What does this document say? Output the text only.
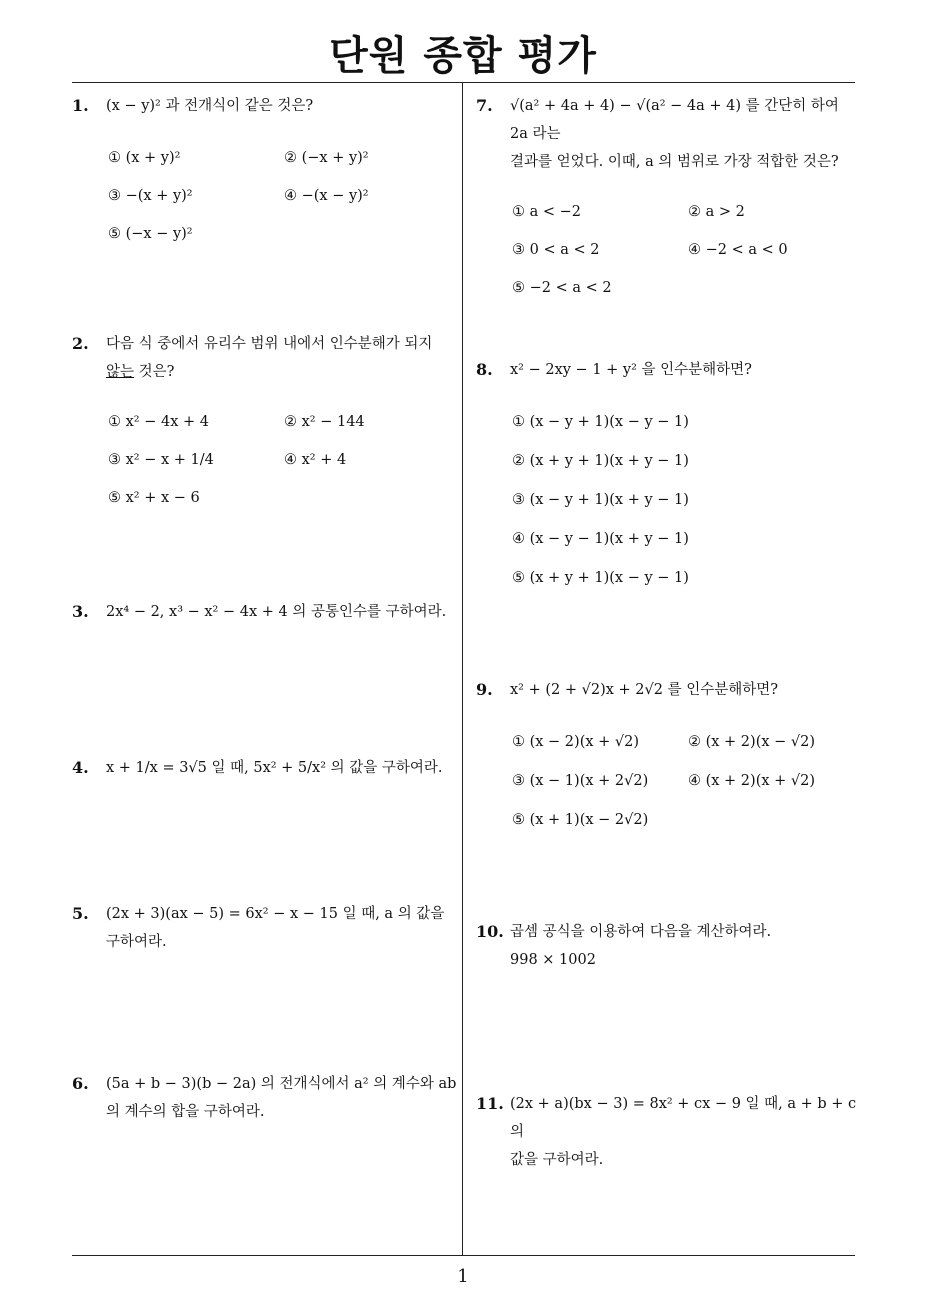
단원 종합 평가
1
1. (x − y)² 과 전개식이 같은 것은?
① (x + y)²	② (−x + y)²
③ −(x + y)²	④ −(x − y)²
⑤ (−x − y)²
2. 다음 식 중에서 유리수 범위 내에서 인수분해가 되지
않는 것은?
① x² − 4x + 4	② x² − 144
③ x² − x + 1/4	④ x² + 4
⑤ x² + x − 6
3. 2x⁴ − 2, x³ − x² − 4x + 4 의 공통인수를 구하여라.
4. x + 1/x = 3√5 일 때, 5x² + 5/x² 의 값을 구하여라.
5. (2x + 3)(ax − 5) = 6x² − x − 15 일 때, a 의 값을
구하여라.
6. (5a + b − 3)(b − 2a) 의 전개식에서 a² 의 계수와 ab
의 계수의 합을 구하여라.
7. √(a² + 4a + 4) − √(a² − 4a + 4) 를 간단히 하여 2a 라는
결과를 얻었다. 이때, a 의 범위로 가장 적합한 것은?
① a < −2	② a > 2
③ 0 < a < 2	④ −2 < a < 0
⑤ −2 < a < 2
8. x² − 2xy − 1 + y² 을 인수분해하면?
① (x − y + 1)(x − y − 1)
② (x + y + 1)(x + y − 1)
③ (x − y + 1)(x + y − 1)
④ (x − y − 1)(x + y − 1)
⑤ (x + y + 1)(x − y − 1)
9. x² + (2 + √2)x + 2√2 를 인수분해하면?
① (x − 2)(x + √2)	② (x + 2)(x − √2)
③ (x − 1)(x + 2√2)	④ (x + 2)(x + √2)
⑤ (x + 1)(x − 2√2)
10. 곱셈 공식을 이용하여 다음을 계산하여라.
998 × 1002
11. (2x + a)(bx − 3) = 8x² + cx − 9 일 때, a + b + c 의
값을 구하여라.
